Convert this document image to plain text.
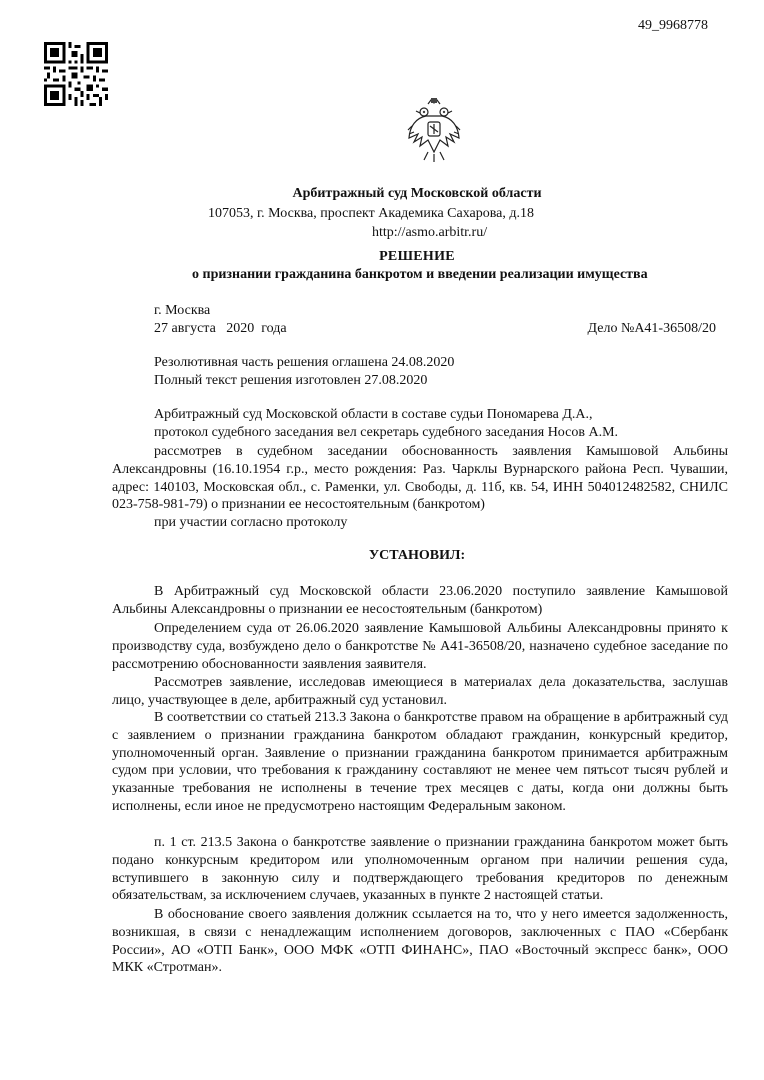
49_9968778
Арбитражный суд Московской области
107053, г. Москва, проспект Академика Сахарова, д.18
http://asmo.arbitr.ru/
РЕШЕНИЕ
о признании гражданина банкротом и введении реализации имущества
г. Москва
27 августа   2020  года	Дело №А41-36508/20
Резолютивная часть решения оглашена 24.08.2020
Полный текст решения изготовлен 27.08.2020
Арбитражный суд Московской области в составе судьи Пономарева Д.А.,
протокол судебного заседания вел секретарь судебного заседания Носов А.М.
рассмотрев в судебном заседании обоснованность заявления Камышовой Альбины Александровны (16.10.1954 г.р., место рождения: Раз. Чарклы Вурнарского района Респ. Чувашии, адрес: 140103, Московская обл., с. Раменки, ул. Свободы, д. 11б, кв. 54, ИНН 504012482582, СНИЛС 023-758-981-79) о признании ее несостоятельным (банкротом)
при участии согласно протоколу
УСТАНОВИЛ:
В Арбитражный суд Московской области 23.06.2020 поступило заявление Камышовой Альбины Александровны о признании ее несостоятельным (банкротом)
Определением суда от 26.06.2020 заявление Камышовой Альбины Александровны принято к производству суда, возбуждено дело о банкротстве № А41-36508/20, назначено судебное заседание по рассмотрению обоснованности заявления заявителя.
Рассмотрев заявление, исследовав имеющиеся в материалах дела доказательства, заслушав лицо, участвующее в деле, арбитражный суд установил.
В соответствии со статьей 213.3 Закона о банкротстве правом на обращение в арбитражный суд с заявлением о признании гражданина банкротом обладают гражданин, конкурсный кредитор, уполномоченный орган. Заявление о признании гражданина банкротом принимается арбитражным судом при условии, что требования к гражданину составляют не менее чем пятьсот тысяч рублей и указанные требования не исполнены в течение трех месяцев с даты, когда они должны быть исполнены, если иное не предусмотрено настоящим Федеральным законом.
п. 1 ст. 213.5 Закона о банкротстве заявление о признании гражданина банкротом может быть подано конкурсным кредитором или уполномоченным органом при наличии решения суда, вступившего в законную силу и подтверждающего требования кредиторов по денежным обязательствам, за исключением случаев, указанных в пункте 2 настоящей статьи.
В обоснование своего заявления должник ссылается на то, что у него имеется задолженность, возникшая, в связи с ненадлежащим исполнением договоров, заключенных с ПАО «Сбербанк России», АО «ОТП Банк», ООО МФК «ОТП ФИНАНС», ПАО «Восточный экспресс банк», ООО МКК «Стротман».
